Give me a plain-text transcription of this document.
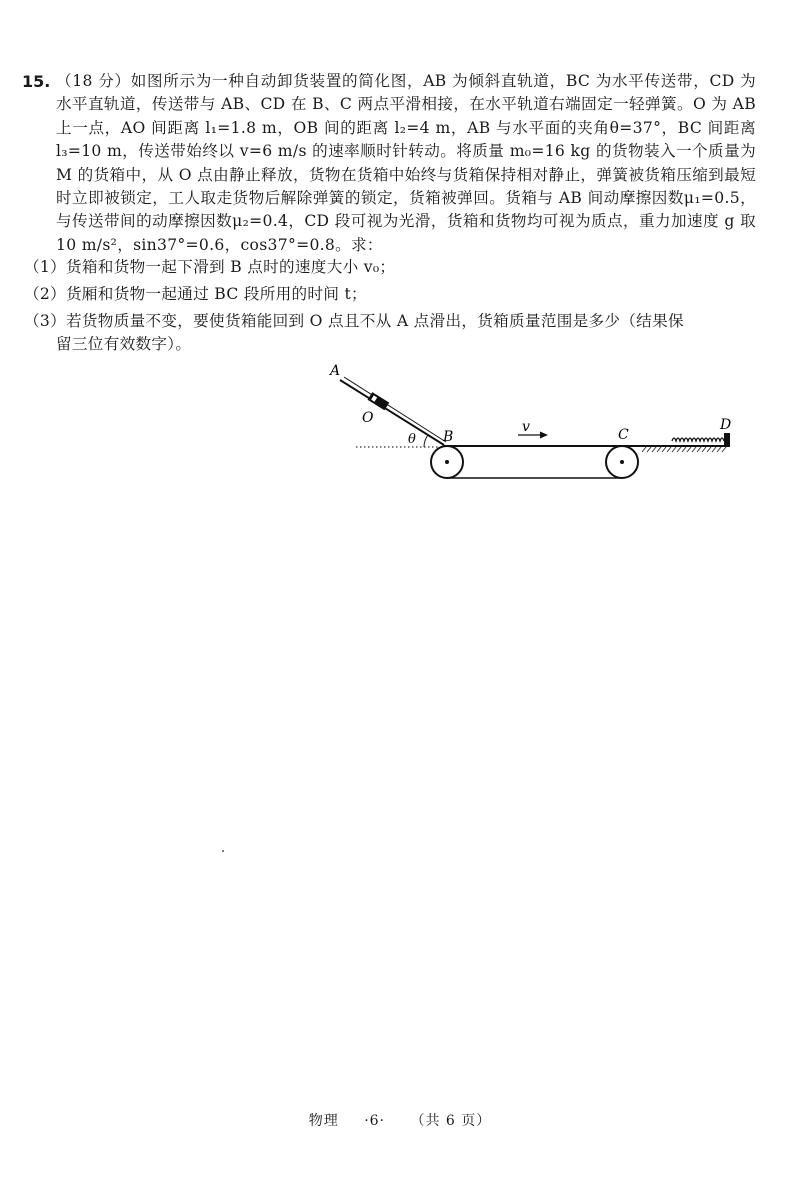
15. （18 分）如图所示为一种自动卸货装置的简化图，AB 为倾斜直轨道，BC 为水平传送带，CD 为水平直轨道，传送带与 AB、CD 在 B、C 两点平滑相接，在水平轨道右端固定一轻弹簧。O 为 AB 上一点，AO 间距离 l₁=1.8 m，OB 间的距离 l₂=4 m，AB 与水平面的夹角θ=37°，BC 间距离 l₃=10 m，传送带始终以 v=6 m/s 的速率顺时针转动。将质量 m₀=16 kg 的货物装入一个质量为 M 的货箱中，从 O 点由静止释放，货物在货箱中始终与货箱保持相对静止，弹簧被货箱压缩到最短时立即被锁定，工人取走货物后解除弹簧的锁定，货箱被弹回。货箱与 AB 间动摩擦因数μ₁=0.5，与传送带间的动摩擦因数μ₂=0.4，CD 段可视为光滑，货箱和货物均可视为质点，重力加速度 g 取 10 m/s²，sin37°=0.6，cos37°=0.8。求：

（1）货箱和货物一起下滑到 B 点时的速度大小 v₀；

（2）货厢和货物一起通过 BC 段所用的时间 t；

（3）若货物质量不变，要使货箱能回到 O 点且不从 A 点滑出，货箱质量范围是多少（结果保
留三位有效数字）。

A
O
θ B
v	C
D
物理 ·6· （共 6 页）
